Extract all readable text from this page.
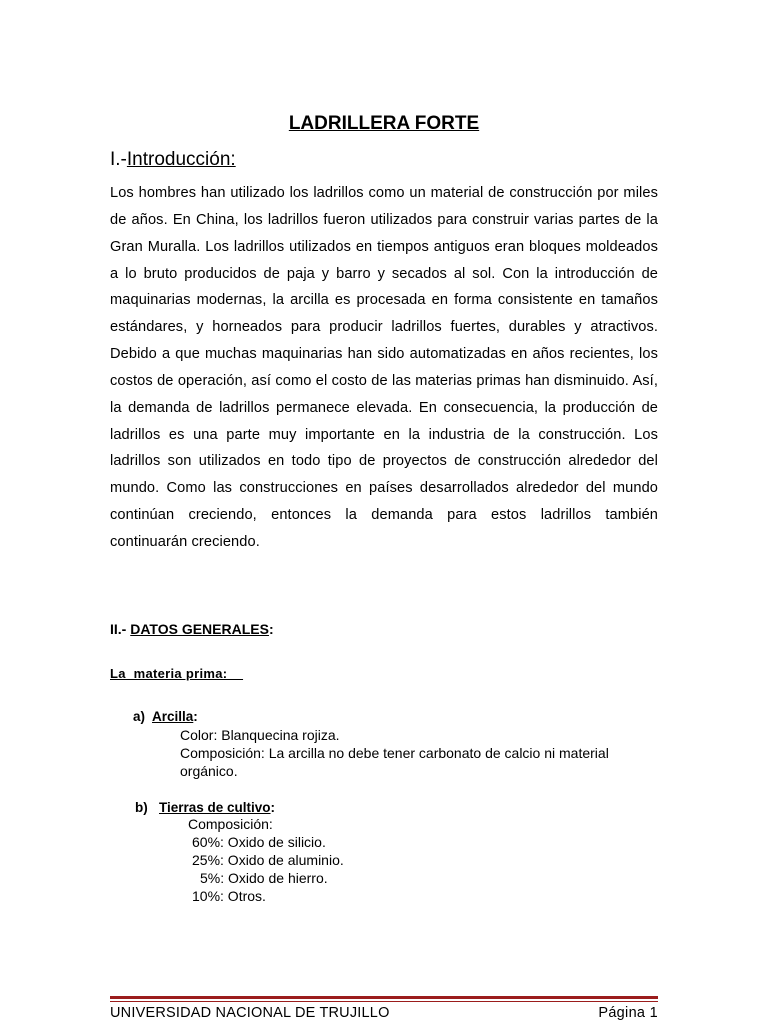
LADRILLERA FORTE
I.-Introducción:
Los hombres han utilizado los ladrillos como un material de construcción por miles de años. En China, los ladrillos fueron utilizados para construir varias partes de la Gran Muralla. Los ladrillos utilizados en tiempos antiguos eran bloques moldeados a lo bruto producidos de paja y barro y secados al sol. Con la introducción de maquinarias modernas, la arcilla es procesada en forma consistente en tamaños estándares, y horneados para producir ladrillos fuertes, durables y atractivos. Debido a que muchas maquinarias han sido automatizadas en años recientes, los costos de operación, así como el costo de las materias primas han disminuido. Así, la demanda de ladrillos permanece elevada. En consecuencia, la producción de ladrillos es una parte muy importante en la industria de la construcción. Los ladrillos son utilizados en todo tipo de proyectos de construcción alrededor del mundo. Como las construcciones en países desarrollados alrededor del mundo continúan creciendo, entonces la demanda para estos ladrillos también continuarán creciendo.
II.- DATOS GENERALES:
La  materia prima:
a)  Arcilla:
Color: Blanquecina rojiza.
Composición: La arcilla no debe tener carbonato de calcio ni material
orgánico.
b)   Tierras de cultivo:
Composición:
60%: Oxido de silicio.
25%: Oxido de aluminio.
5%: Oxido de hierro.
10%: Otros.
UNIVERSIDAD NACIONAL DE TRUJILLO	Página 1
